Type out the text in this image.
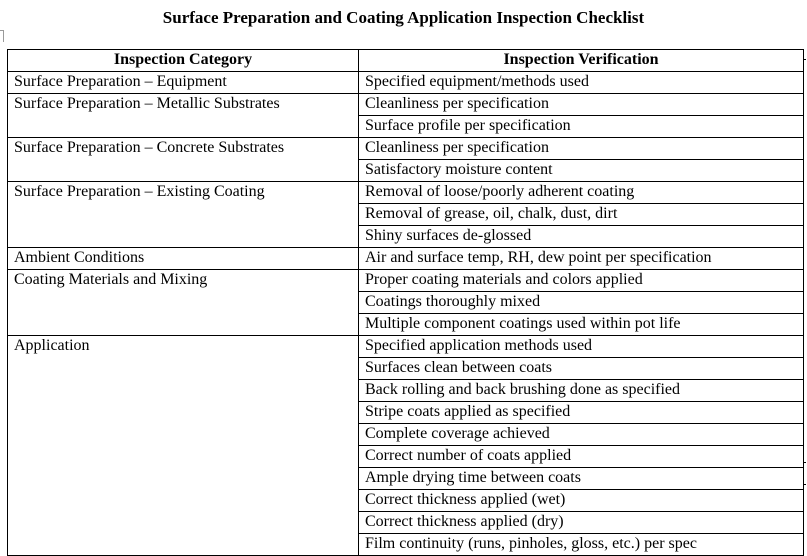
Surface Preparation and Coating Application Inspection Checklist
Inspection Category	Inspection Verification
Surface Preparation – Equipment	Specified equipment/methods used
Surface Preparation – Metallic Substrates	Cleanliness per specification
	Surface profile per specification
Surface Preparation – Concrete Substrates	Cleanliness per specification
	Satisfactory moisture content
Surface Preparation – Existing Coating	Removal of loose/poorly adherent coating
	Removal of grease, oil, chalk, dust, dirt
	Shiny surfaces de-glossed
Ambient Conditions	Air and surface temp, RH, dew point per specification
Coating Materials and Mixing	Proper coating materials and colors applied
	Coatings thoroughly mixed
	Multiple component coatings used within pot life
Application	Specified application methods used
	Surfaces clean between coats
	Back rolling and back brushing done as specified
	Stripe coats applied as specified
	Complete coverage achieved
	Correct number of coats applied
	Ample drying time between coats
	Correct thickness applied (wet)
	Correct thickness applied (dry)
	Film continuity (runs, pinholes, gloss, etc.) per spec
